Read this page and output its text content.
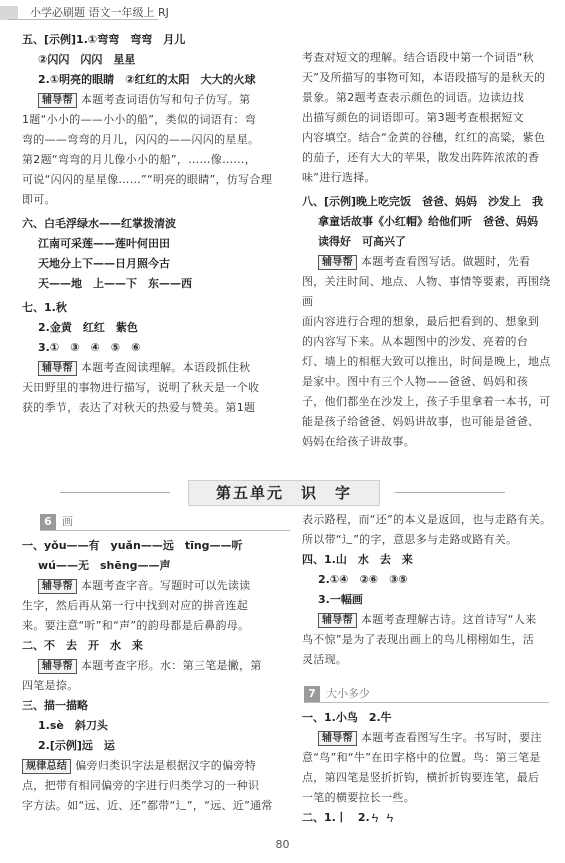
小学必刷题 语文一年级上 RJ

五、[示例]1.①弯弯　弯弯　月儿

②闪闪　闪闪　星星

2.①明亮的眼睛　②红红的太阳　大大的火球

辅导帮 本题考查词语仿写和句子仿写。第

1题“小小的——小小的船”，类似的词语有：弯

弯的——弯弯的月儿，闪闪的——闪闪的星星。

第2题“弯弯的月儿像小小的船”，……像……，

可说“闪闪的星星像……”“明亮的眼睛”，仿写合理

即可。

六、白毛浮绿水——红掌拨清波

江南可采莲——莲叶何田田

天地分上下——日月照今古

天——地　上——下　东——西

七、1.秋

2.金黄　红红　紫色

3.①　③　④　⑤　⑥

辅导帮 本题考查阅读理解。本语段抓住秋

天田野里的事物进行描写，说明了秋天是一个收

获的季节，表达了对秋天的热爱与赞美。第1题

考查对短文的理解。结合语段中第一个词语“秋

天”及所描写的事物可知，本语段描写的是秋天的

景象。第2题考查表示颜色的词语。边读边找

出描写颜色的词语即可。第3题考查根据短文

内容填空。结合“金黄的谷穗，红红的高粱，紫色

的茄子，还有大大的苹果，散发出阵阵浓浓的香

味”进行选择。

八、[示例]晚上吃完饭　爸爸、妈妈　沙发上　我

拿童话故事《小红帽》给他们听　爸爸、妈妈

读得好　可高兴了

辅导帮 本题考查看图写话。做题时，先看

图，关注时间、地点、人物、事情等要素，再围绕画

面内容进行合理的想象，最后把看到的、想象到

的内容写下来。从本题图中的沙发、亮着的台

灯、墙上的相框大致可以推出，时间是晚上，地点

是家中。图中有三个人物——爸爸、妈妈和孩

子，他们都坐在沙发上，孩子手里拿着一本书，可

能是孩子给爸爸、妈妈讲故事，也可能是爸爸、

妈妈在给孩子讲故事。

第五单元　识　字
6 画

一、yǒu——有　yuǎn——远　tīng——听

wú——无　shēng——声

辅导帮 本题考查字音。写题时可以先读读

生字，然后再从第一行中找到对应的拼音连起

来。要注意“听”和“声”的韵母都是后鼻韵母。

二、不　去　开　水　来

辅导帮 本题考查字形。水：第三笔是撇，第

四笔是捺。

三、描一描略

1.sè　斜刀头

2.[示例]远　运

规律总结 偏旁归类识字法是根据汉字的偏旁特

点，把带有相同偏旁的字进行归类学习的一种识

字方法。如“远、近、还”都带“辶”，“远、近”通常

表示路程，而“还”的本义是返回，也与走路有关。

所以带“辶”的字，意思多与走路或路有关。

四、1.山　水　去　来

2.①④　②⑥　③⑤

3.一幅画

辅导帮 本题考查理解古诗。这首诗写“人来

鸟不惊”是为了表现出画上的鸟儿栩栩如生，活

灵活现。

7 大小多少

一、1.小鸟　2.牛

辅导帮 本题考查看图写生字。书写时，要注

意“鸟”和“牛”在田字格中的位置。鸟：第三笔是

点，第四笔是竖折折钩，横折折钩要连笔，最后

一笔的横要拉长一些。

二、1.丨　2.ㄣ ㄣ

80
